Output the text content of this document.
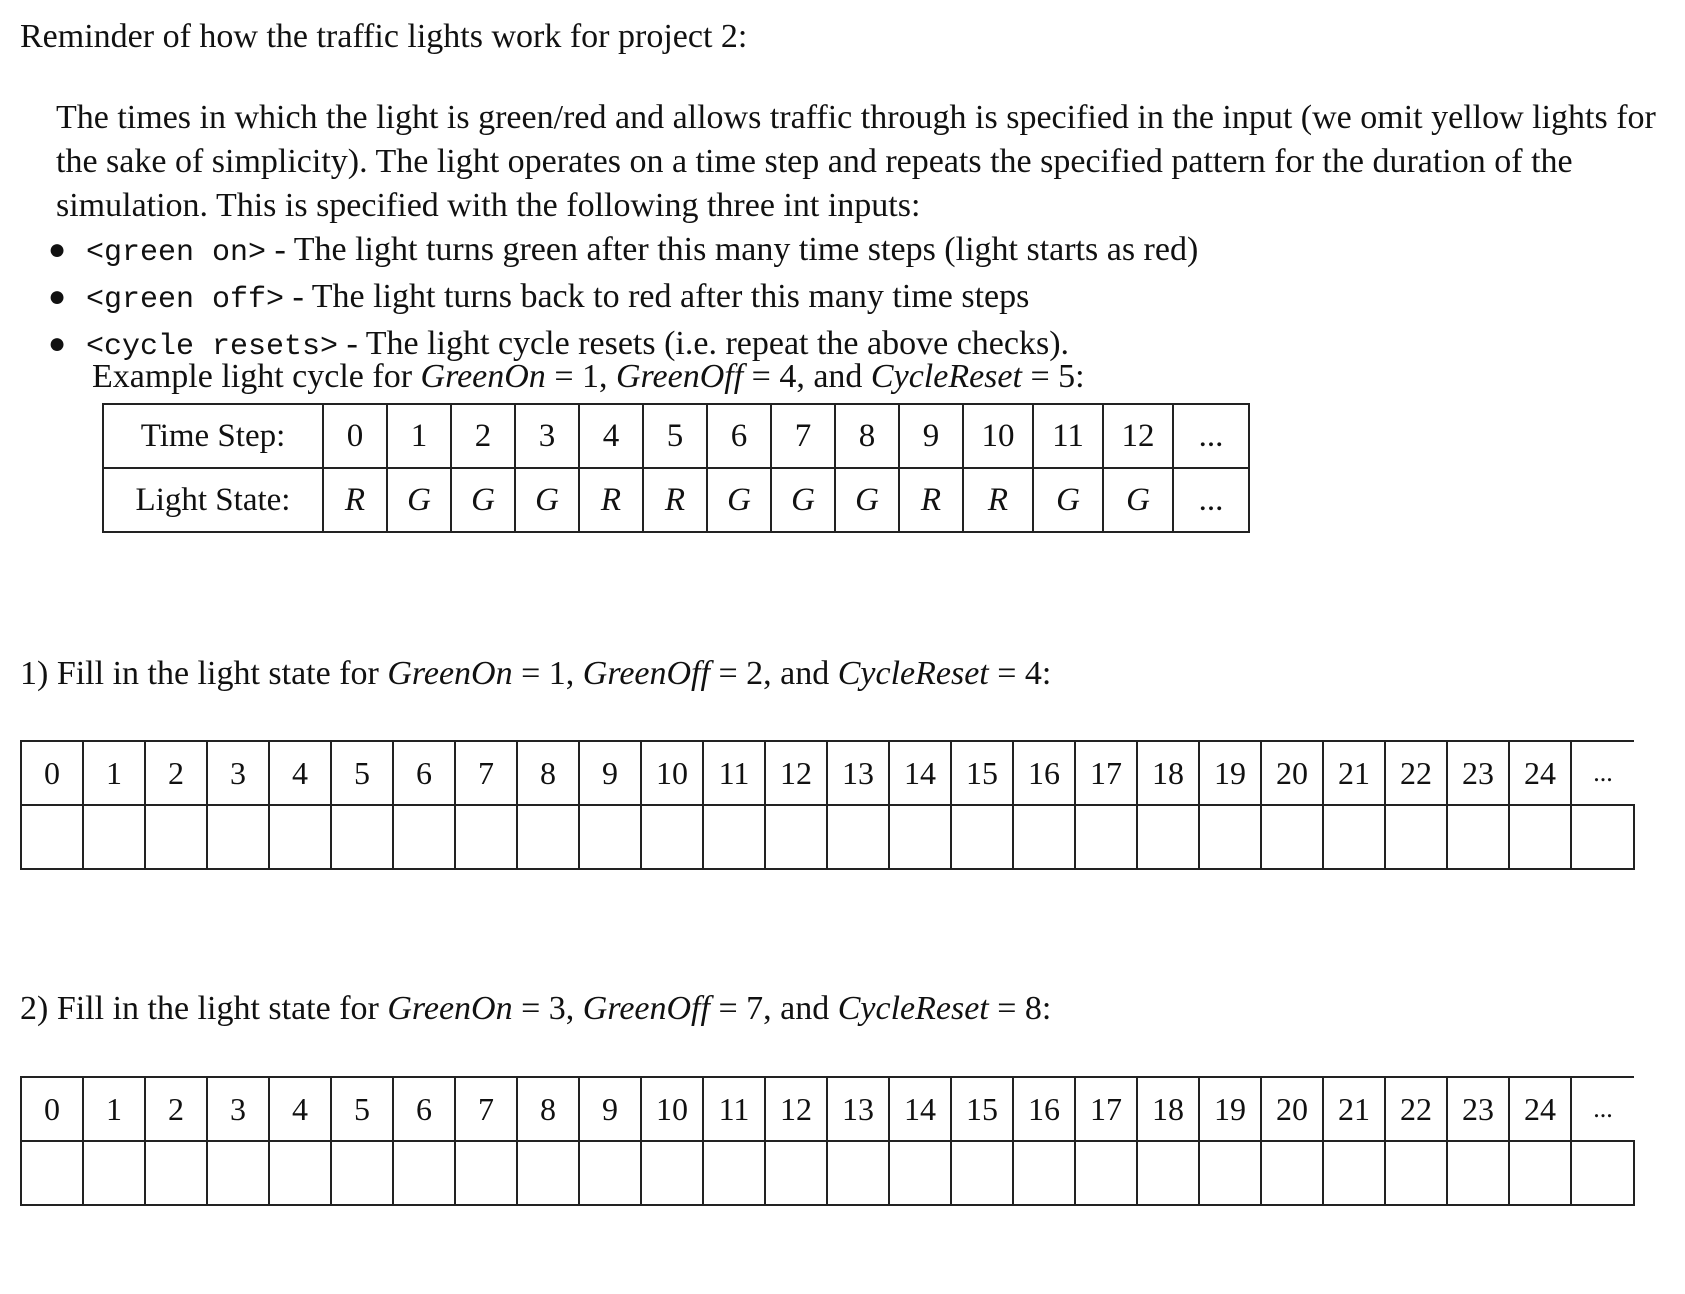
Reminder of how the traffic lights work for project 2:

The times in which the light is green/red and allows traffic through is specified in the input (we omit yellow lights for the sake of simplicity). The light operates on a time step and repeats the specified pattern for the duration of the simulation. This is specified with the following three int inputs:

● <green on> - The light turns green after this many time steps (light starts as red)
● <green off> - The light turns back to red after this many time steps
● <cycle resets> - The light cycle resets (i.e. repeat the above checks).
Example light cycle for GreenOn = 1, GreenOff = 4, and CycleReset = 5:
Time Step:	0	1	2	3	4	5	6	7	8	9	10	11	12	...
Light State:	R	G	G	G	R	R	G	G	G	R	R	G	G	...
1) Fill in the light state for GreenOn = 1, GreenOff = 2, and CycleReset = 4:
0	1	2	3	4	5	6	7	8	9	10	11	12	13	14	15	16	17	18	19	20	21	22	23	24	...

2) Fill in the light state for GreenOn = 3, GreenOff = 7, and CycleReset = 8:
0	1	2	3	4	5	6	7	8	9	10	11	12	13	14	15	16	17	18	19	20	21	22	23	24	...
